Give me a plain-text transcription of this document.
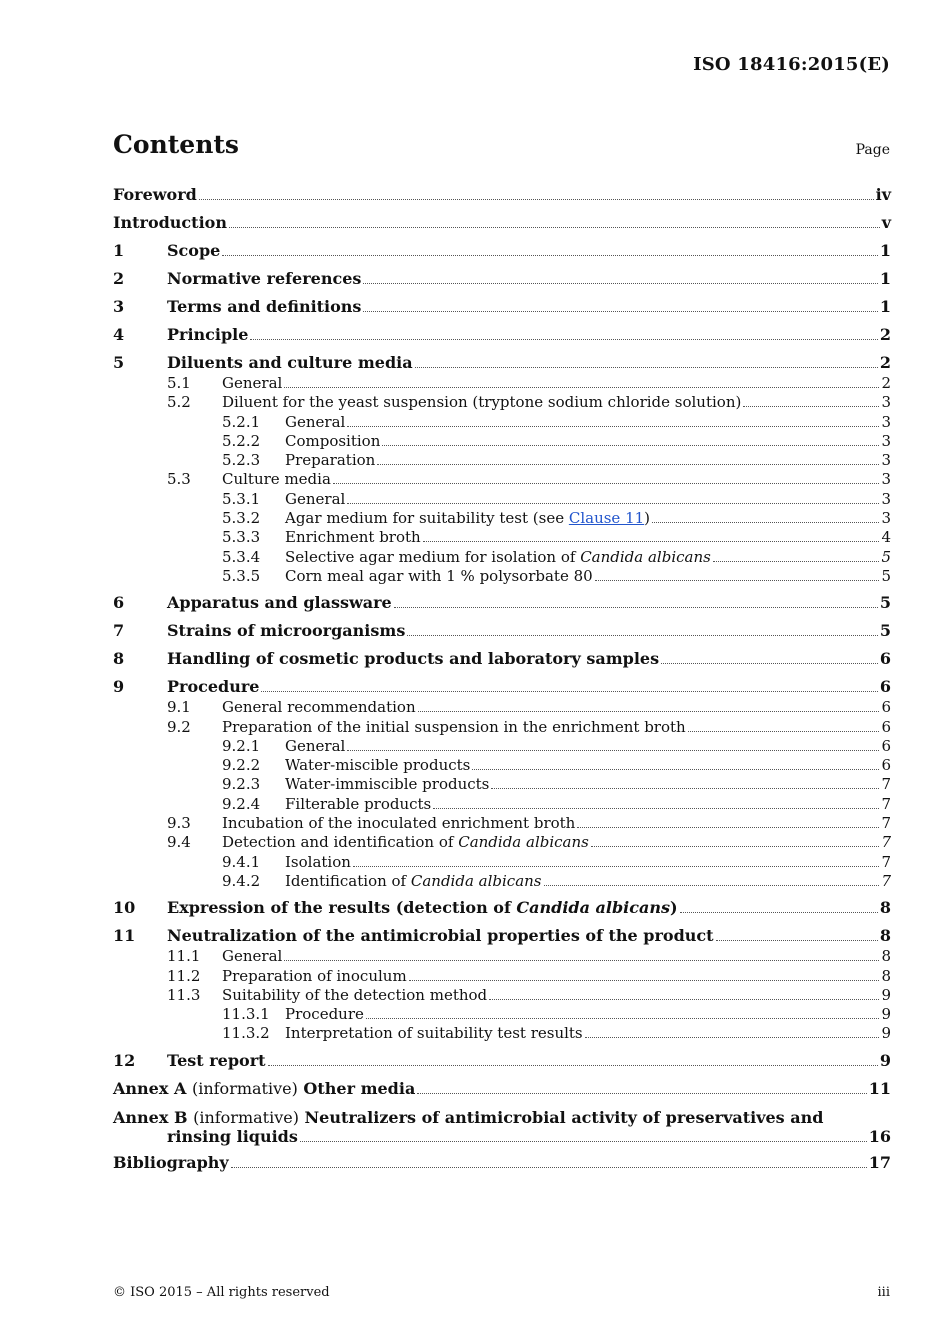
ISO 18416:2015(E)
Contents	Page
Foreword	iv
Introduction	v
1	Scope	1
2	Normative references	1
3	Terms and definitions	1
4	Principle	2
5	Diluents and culture media	2
5.1	General	2
5.2	Diluent for the yeast suspension (tryptone sodium chloride solution)	3
5.2.1	General	3
5.2.2	Composition	3
5.2.3	Preparation	3
5.3	Culture media	3
5.3.1	General	3
5.3.2	Agar medium for suitability test (see Clause 11)	3
5.3.3	Enrichment broth	4
5.3.4	Selective agar medium for isolation of Candida albicans	5
5.3.5	Corn meal agar with 1 % polysorbate 80	5
6	Apparatus and glassware	5
7	Strains of microorganisms	5
8	Handling of cosmetic products and laboratory samples	6
9	Procedure	6
9.1	General recommendation	6
9.2	Preparation of the initial suspension in the enrichment broth	6
9.2.1	General	6
9.2.2	Water-miscible products	6
9.2.3	Water-immiscible products	7
9.2.4	Filterable products	7
9.3	Incubation of the inoculated enrichment broth	7
9.4	Detection and identification of Candida albicans	7
9.4.1	Isolation	7
9.4.2	Identification of Candida albicans	7
10	Expression of the results (detection of Candida albicans)	8
11	Neutralization of the antimicrobial properties of the product	8
11.1	General	8
11.2	Preparation of inoculum	8
11.3	Suitability of the detection method	9
11.3.1	Procedure	9
11.3.2	Interpretation of suitability test results	9
12	Test report	9
Annex A (informative) Other media	11
Annex B (informative) Neutralizers of antimicrobial activity of preservatives and
rinsing liquids	16
Bibliography	17
© ISO 2015 – All rights reserved	iii
